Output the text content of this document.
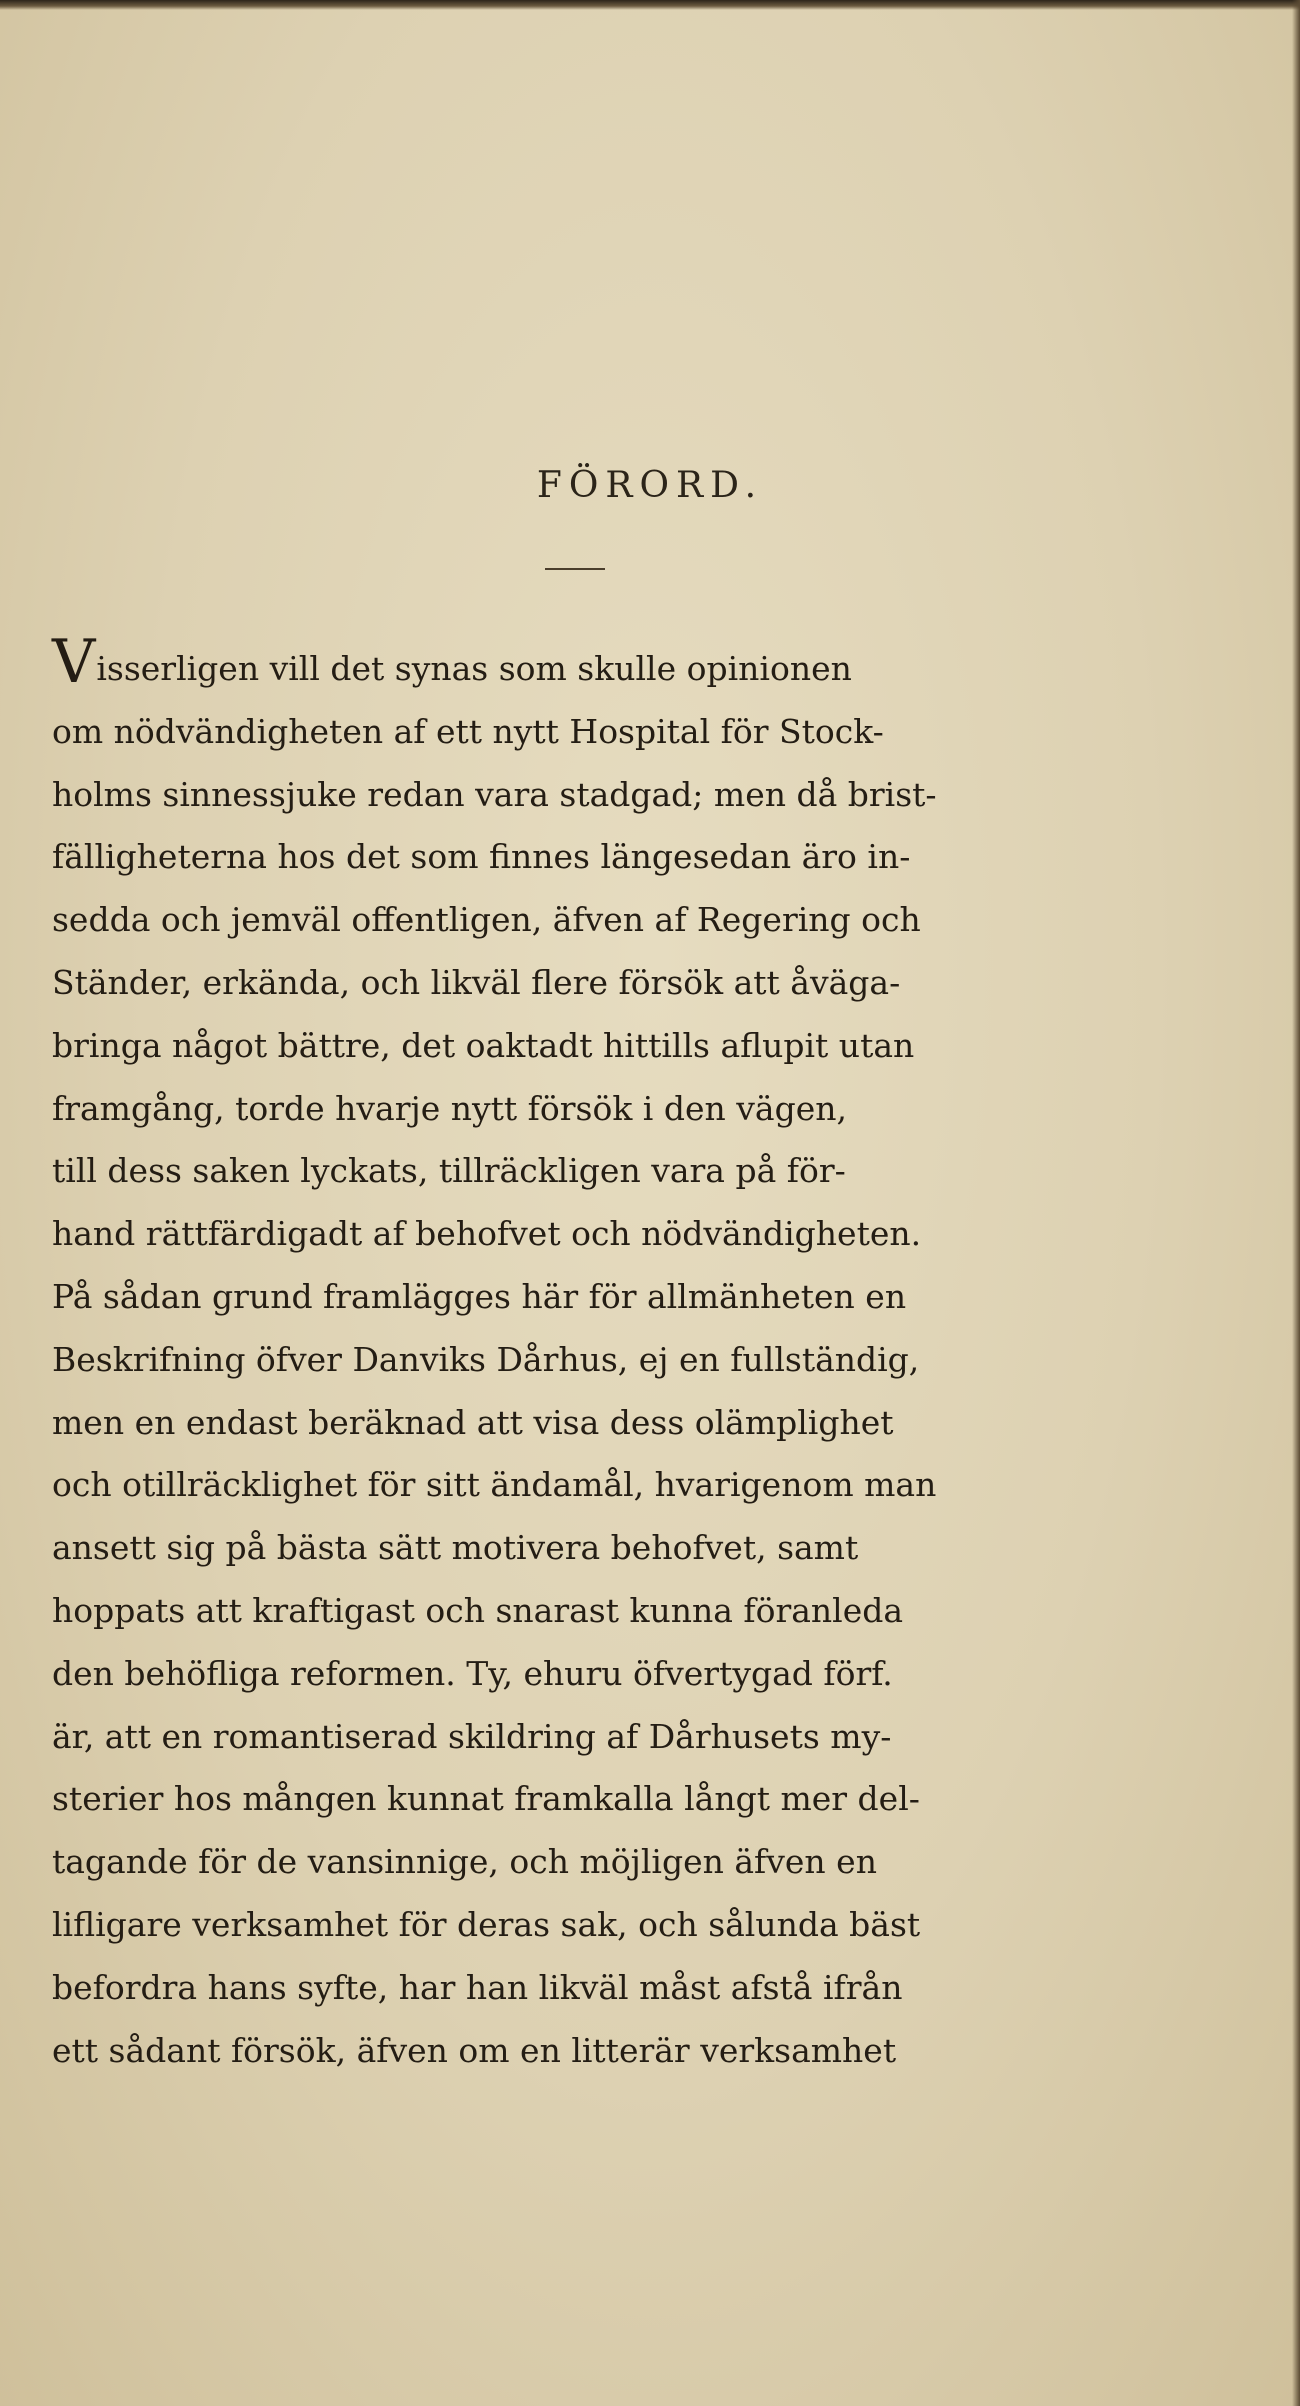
FÖRORD.
Visserligen vill det synas som skulle opinionen
om nödvändigheten af ett nytt Hospital för Stock-
holms sinnessjuke redan vara stadgad; men då brist-
fälligheterna hos det som finnes längesedan äro in-
sedda och jemväl offentligen, äfven af Regering och
Ständer, erkända, och likväl flere försök att åväga-
bringa något bättre, det oaktadt hittills aflupit utan
framgång, torde hvarje nytt försök i den vägen,
till dess saken lyckats, tillräckligen vara på för-
hand rättfärdigadt af behofvet och nödvändigheten.
På sådan grund framlägges här för allmänheten en
Beskrifning öfver Danviks Dårhus, ej en fullständig,
men en endast beräknad att visa dess olämplighet
och otillräcklighet för sitt ändamål, hvarigenom man
ansett sig på bästa sätt motivera behofvet, samt
hoppats att kraftigast och snarast kunna föranleda
den behöfliga reformen. Ty, ehuru öfvertygad förf.
är, att en romantiserad skildring af Dårhusets my-
sterier hos mången kunnat framkalla långt mer del-
tagande för de vansinnige, och möjligen äfven en
lifligare verksamhet för deras sak, och sålunda bäst
befordra hans syfte, har han likväl måst afstå ifrån
ett sådant försök, äfven om en litterär verksamhet
